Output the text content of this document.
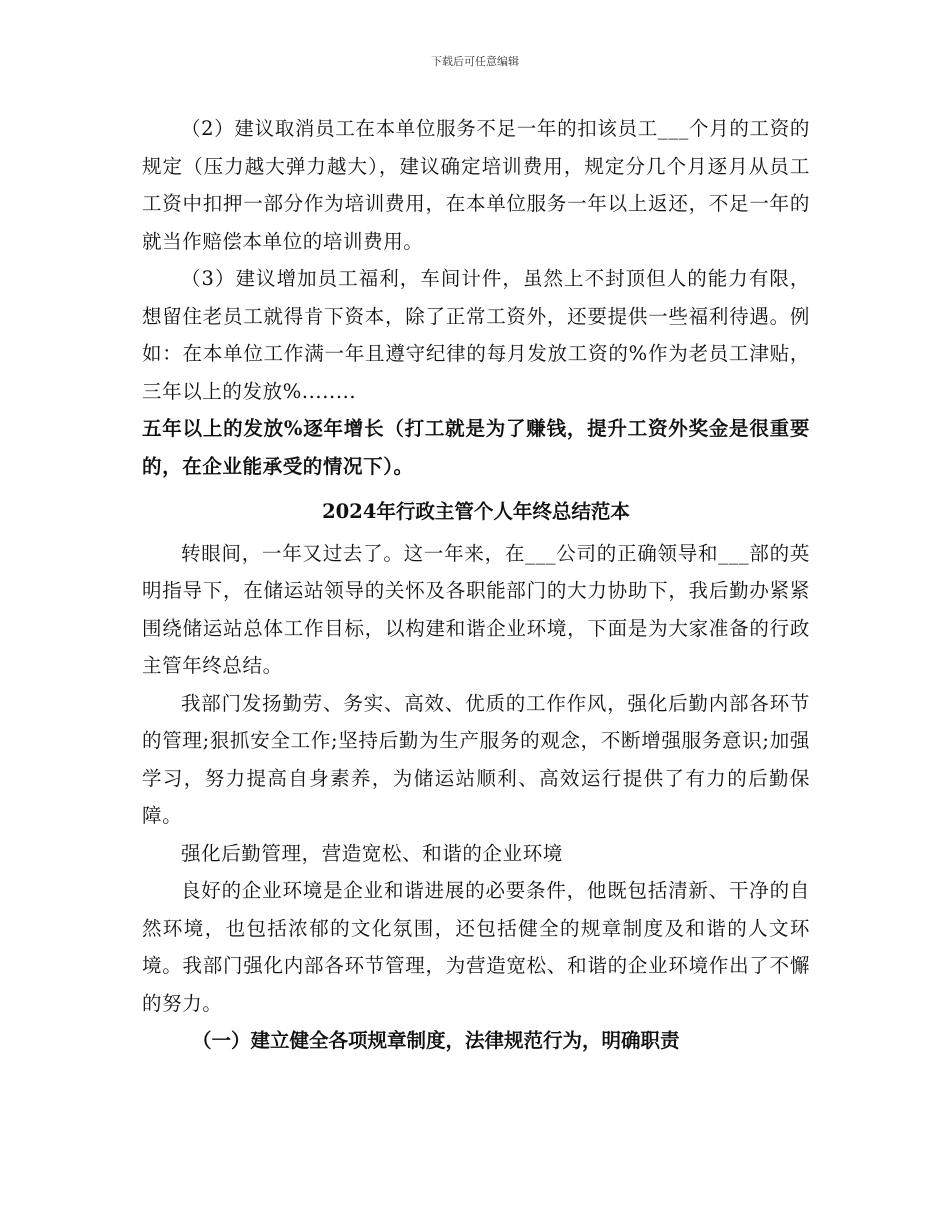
下载后可任意编辑

（2）建议取消员工在本单位服务不足一年的扣该员工___个月的工资的规定（压力越大弹力越大），建议确定培训费用，规定分几个月逐月从员工工资中扣押一部分作为培训费用，在本单位服务一年以上返还，不足一年的就当作赔偿本单位的培训费用。

（3）建议增加员工福利，车间计件，虽然上不封顶但人的能力有限，想留住老员工就得肯下资本，除了正常工资外，还要提供一些福利待遇。例如：在本单位工作满一年且遵守纪律的每月发放工资的%作为老员工津贴，三年以上的发放%........

五年以上的发放%逐年增长（打工就是为了赚钱，提升工资外奖金是很重要的，在企业能承受的情况下）。

2024年行政主管个人年终总结范本

转眼间，一年又过去了。这一年来，在___公司的正确领导和___部的英明指导下，在储运站领导的关怀及各职能部门的大力协助下，我后勤办紧紧围绕储运站总体工作目标，以构建和谐企业环境，下面是为大家准备的行政主管年终总结。

我部门发扬勤劳、务实、高效、优质的工作作风，强化后勤内部各环节的管理;狠抓安全工作;坚持后勤为生产服务的观念，不断增强服务意识;加强学习，努力提高自身素养，为储运站顺利、高效运行提供了有力的后勤保障。

强化后勤管理，营造宽松、和谐的企业环境

良好的企业环境是企业和谐进展的必要条件，他既包括清新、干净的自然环境，也包括浓郁的文化氛围，还包括健全的规章制度及和谐的人文环境。我部门强化内部各环节管理，为营造宽松、和谐的企业环境作出了不懈的努力。

（一）建立健全各项规章制度，法律规范行为，明确职责
